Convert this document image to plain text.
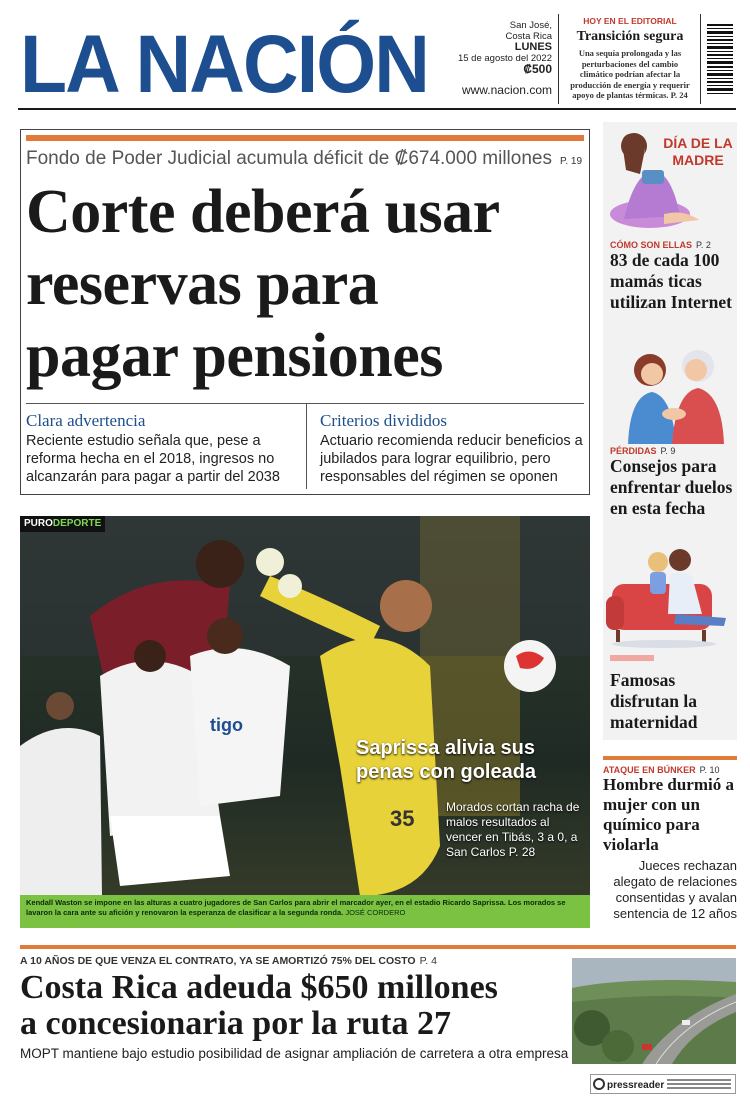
LA NACIÓN	San José,
Costa Rica
LUNES
15 de agosto del 2022
₡500
www.nacion.com
HOY EN EL EDITORIAL
Transición segura
Una sequía prolongada y las perturbaciones del cambio climático podrían afectar la producción de energía y requerir apoyo de plantas térmicas. P. 24
Fondo de Poder Judicial acumula déficit de ₡674.000 millones P. 19
Corte deberá usar
reservas para
pagar pensiones
Clara advertencia
Reciente estudio señala que, pese a reforma hecha en el 2018, ingresos no alcanzarán para pagar a partir del 2038
Criterios divididos
Actuario recomienda reducir beneficios a jubilados para lograr equilibrio, pero responsables del régimen se oponen
DÍA DE LA
MADRE
CÓMO SON ELLAS P. 2
83 de cada 100 mamás ticas utilizan Internet
PÉRDIDAS P. 9
Consejos para enfrentar duelos en esta fecha
Famosas disfrutan la maternidad
ATAQUE EN BÚNKER P. 10
Hombre durmió a mujer con un químico para violarla
Jueces rechazan alegato de relaciones consentidas y avalan sentencia de 12 años
tigo
35
PURODEPORTE
Saprissa alivia sus penas con goleada
Morados cortan racha de malos resultados al vencer en Tibás, 3 a 0, a San Carlos P. 28
Kendall Waston se impone en las alturas a cuatro jugadores de San Carlos para abrir el marcador ayer, en el estadio Ricardo Saprissa. Los morados se lavaron la cara ante su afición y renovaron la esperanza de clasificar a la segunda ronda. JOSÉ CORDERO
A 10 AÑOS DE QUE VENZA EL CONTRATO, YA SE AMORTIZÓ 75% DEL COSTO P. 4
Costa Rica adeuda $650 millones
a concesionaria por la ruta 27
MOPT mantiene bajo estudio posibilidad de asignar ampliación de carretera a otra empresa
pressreader
